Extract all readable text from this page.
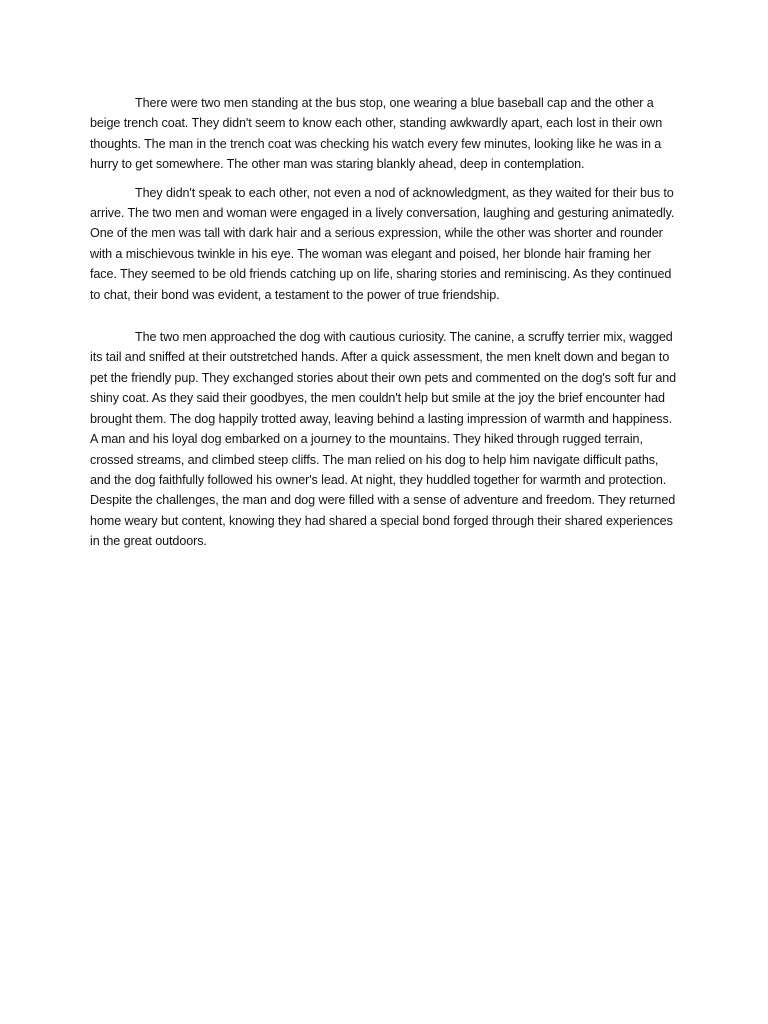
There were two men standing at the bus stop, one wearing a blue baseball cap and the other a beige trench coat. They didn't seem to know each other, standing awkwardly apart, each lost in their own thoughts. The man in the trench coat was checking his watch every few minutes, looking like he was in a hurry to get somewhere. The other man was staring blankly ahead, deep in contemplation.

They didn't speak to each other, not even a nod of acknowledgment, as they waited for their bus to arrive. The two men and woman were engaged in a lively conversation, laughing and gesturing animatedly. One of the men was tall with dark hair and a serious expression, while the other was shorter and rounder with a mischievous twinkle in his eye. The woman was elegant and poised, her blonde hair framing her face. They seemed to be old friends catching up on life, sharing stories and reminiscing. As they continued to chat, their bond was evident, a testament to the power of true friendship.

The two men approached the dog with cautious curiosity. The canine, a scruffy terrier mix, wagged its tail and sniffed at their outstretched hands. After a quick assessment, the men knelt down and began to pet the friendly pup. They exchanged stories about their own pets and commented on the dog's soft fur and shiny coat. As they said their goodbyes, the men couldn't help but smile at the joy the brief encounter had brought them. The dog happily trotted away, leaving behind a lasting impression of warmth and happiness. A man and his loyal dog embarked on a journey to the mountains. They hiked through rugged terrain, crossed streams, and climbed steep cliffs. The man relied on his dog to help him navigate difficult paths, and the dog faithfully followed his owner's lead. At night, they huddled together for warmth and protection. Despite the challenges, the man and dog were filled with a sense of adventure and freedom. They returned home weary but content, knowing they had shared a special bond forged through their shared experiences in the great outdoors.
